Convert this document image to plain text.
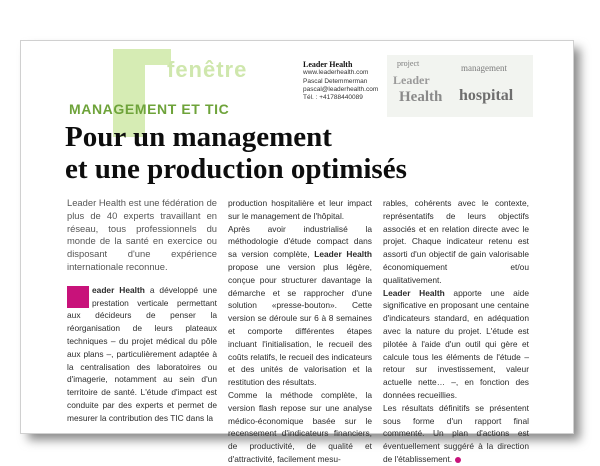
fenêtre	Leader Health
www.leaderhealth.com
Pascal Detemmerman
pascal@leaderhealth.com
Tél. : +41788440089
project
Leader
Health hospital
management
MANAGEMENT ET TIC
Pour un management
et une production optimisés

Leader Health est une fédération de plus de 40 experts travaillant en réseau, tous professionnels du monde de la santé en exercice ou disposant d'une expérience internationale reconnue.

eader Health a développé une prestation verticale permettant aux décideurs de penser la réorganisation de leurs plateaux techniques – du projet médical du pôle aux plans –, particulièrement adaptée à la centralisation des laboratoires ou d'imagerie, notamment au sein d'un territoire de santé. L'étude d'impact est conduite par des experts et permet de mesurer la contribution des TIC dans la

production hospitalière et leur impact sur le management de l'hôpital.

Après avoir industrialisé la méthodologie d'étude compact dans sa version complète, Leader Health propose une version plus légère, conçue pour structurer davantage la démarche et se rapprocher d'une solution «presse-bouton». Cette version se déroule sur 6 à 8 semaines et comporte différentes étapes incluant l'initialisation, le recueil des coûts relatifs, le recueil des indicateurs et des unités de valorisation et la restitution des résultats.

Comme la méthode complète, la version flash repose sur une analyse médico-économique basée sur le recensement d'indicateurs financiers, de productivité, de qualité et d'attractivité, facilement mesu-

rables, cohérents avec le contexte, représentatifs de leurs objectifs associés et en relation directe avec le projet. Chaque indicateur retenu est assorti d'un objectif de gain valorisable économiquement et/ou qualitativement.

Leader Health apporte une aide significative en proposant une centaine d'indicateurs standard, en adéquation avec la nature du projet. L'étude est pilotée à l'aide d'un outil qui gère et calcule tous les éléments de l'étude – retour sur investissement, valeur actuelle nette… –, en fonction des données recueillies.

Les résultats définitifs se présentent sous forme d'un rapport final commenté. Un plan d'actions est éventuellement suggéré à la direction de l'établissement.
